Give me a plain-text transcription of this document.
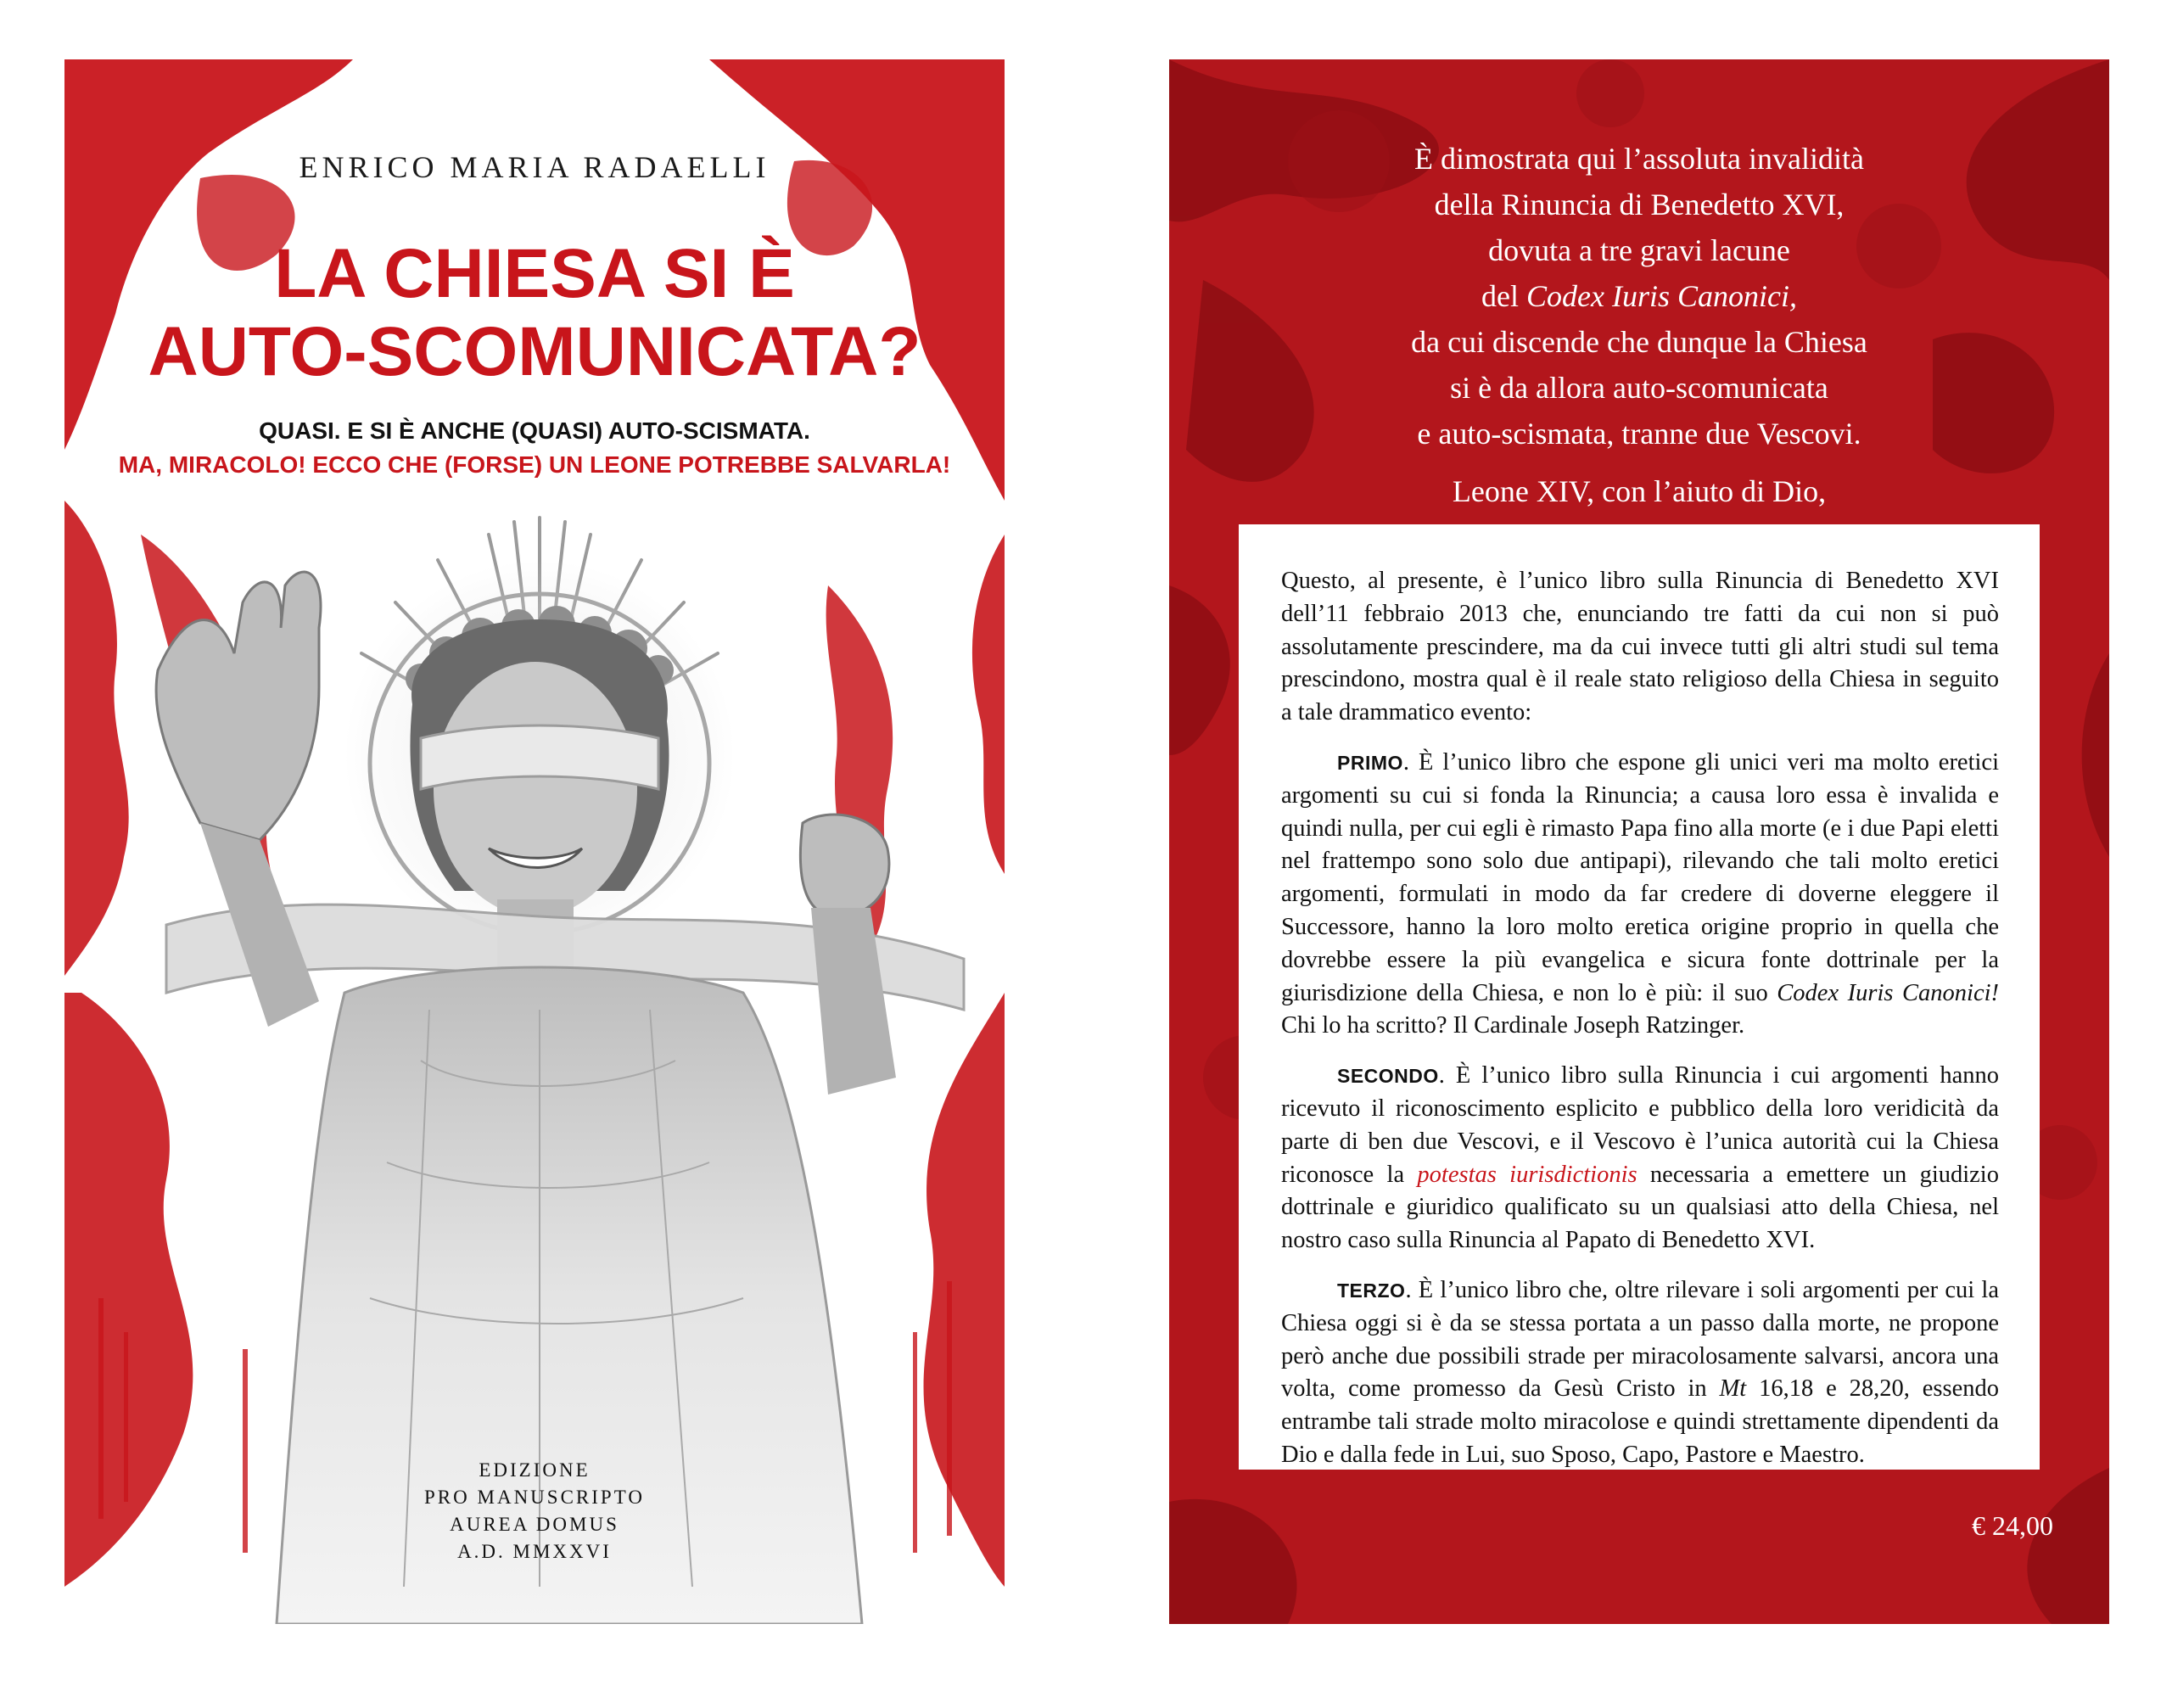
ENRICO MARIA RADAELLI
LA CHIESA SI È
AUTO-SCOMUNICATA?
QUASI. E SI È ANCHE (QUASI) AUTO-SCISMATA.
MA, MIRACOLO! ECCO CHE (FORSE) UN LEONE POTREBBE SALVARLA!
EDIZIONE
PRO MANUSCRIPTO
AUREA DOMUS
A.D. MMXXVI

È dimostrata qui l’assoluta invalidità
della Rinuncia di Benedetto XVI,
dovuta a tre gravi lacune
del Codex Iuris Canonici,
da cui discende che dunque la Chiesa
si è da allora auto-scomunicata
e auto-scismata, tranne due Vescovi.

Leone XIV, con l’aiuto di Dio,

Questo, al presente, è l’unico libro sulla Rinuncia di Benedetto XVI dell’11 febbraio 2013 che, enunciando tre fatti da cui non si può assolutamente prescindere, ma da cui invece tutti gli altri studi sul tema prescindono, mostra qual è il reale stato religioso della Chiesa in seguito a tale drammatico evento:

PRIMO. È l’unico libro che espone gli unici veri ma molto eretici argomenti su cui si fonda la Rinuncia; a causa loro essa è invalida e quindi nulla, per cui egli è rimasto Papa fino alla morte (e i due Papi eletti nel frattempo sono solo due antipapi), rilevando che tali molto eretici argomenti, formulati in modo da far credere di doverne eleggere il Successore, hanno la loro molto eretica origine proprio in quella che dovrebbe essere la più evangelica e sicura fonte dottrinale per la giurisdizione della Chiesa, e non lo è più: il suo Codex Iuris Canonici! Chi lo ha scritto? Il Cardinale Joseph Ratzinger.

SECONDO. È l’unico libro sulla Rinuncia i cui argomenti hanno ricevuto il riconoscimento esplicito e pubblico della loro veridicità da parte di ben due Vescovi, e il Vescovo è l’unica autorità cui la Chiesa riconosce la potestas iurisdictionis necessaria a emettere un giudizio dottrinale e giuridico qualificato su un qualsiasi atto della Chiesa, nel nostro caso sulla Rinuncia al Papato di Benedetto XVI.

TERZO. È l’unico libro che, oltre rilevare i soli argomenti per cui la Chiesa oggi si è da se stessa portata a un passo dalla morte, ne propone però anche due possibili strade per miracolosamente salvarsi, ancora una volta, come promesso da Gesù Cristo in Mt 16,18 e 28,20, essendo entrambe tali strade molto miracolose e quindi strettamente dipendenti da Dio e dalla fede in Lui, suo Sposo, Capo, Pastore e Maestro.

€ 24,00
